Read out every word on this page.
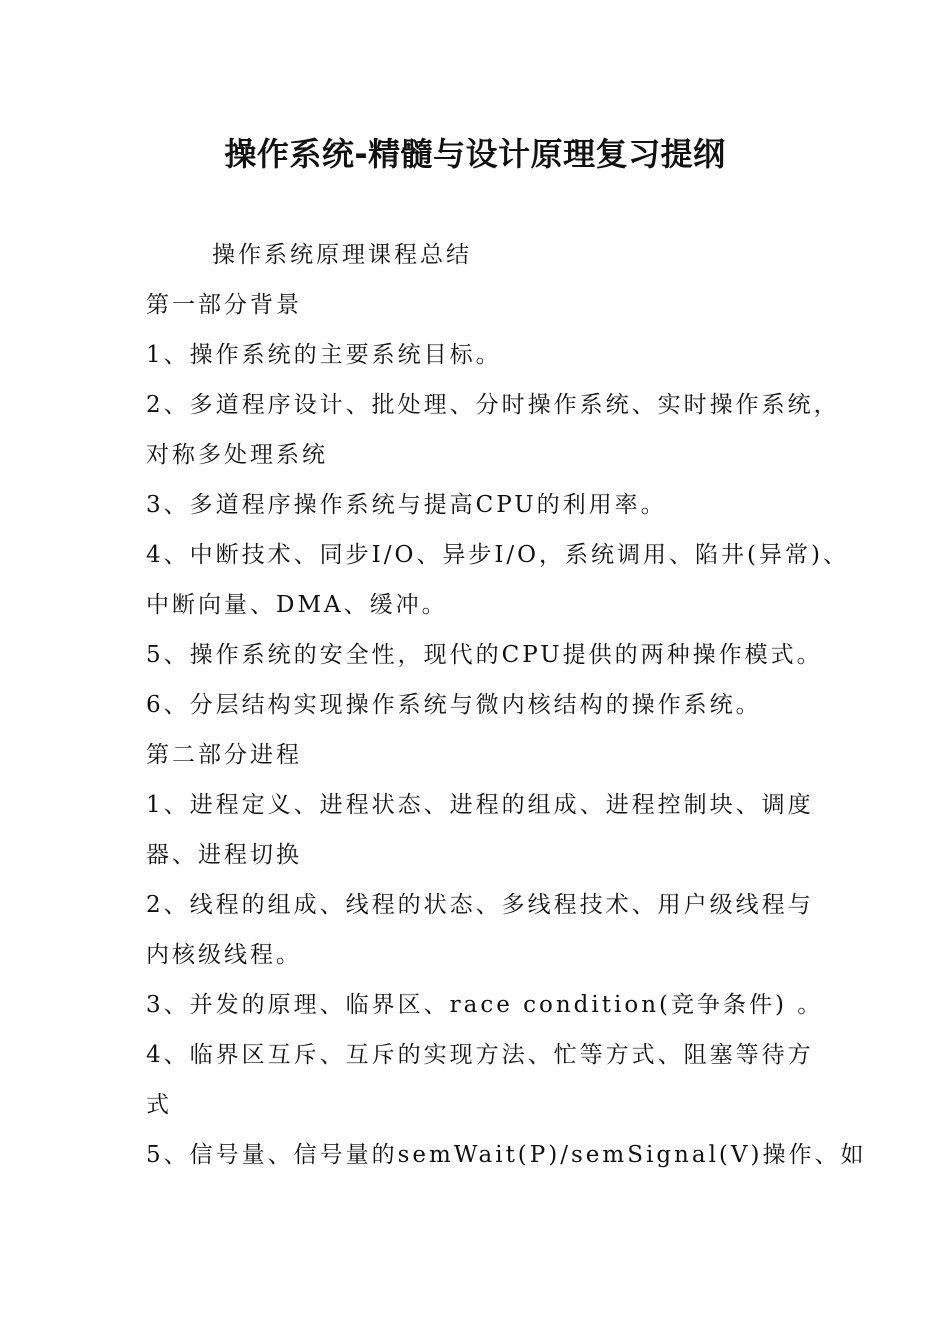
操作系统-精髓与设计原理复习提纲

操作系统原理课程总结

第一部分背景

1、操作系统的主要系统目标。

2、多道程序设计、批处理、分时操作系统、实时操作系统，

对称多处理系统

3、多道程序操作系统与提高CPU的利用率。

4、中断技术、同步I/O、异步I/O，系统调用、陷井(异常)、

中断向量、DMA、缓冲。

5、操作系统的安全性，现代的CPU提供的两种操作模式。

6、分层结构实现操作系统与微内核结构的操作系统。

第二部分进程

1、进程定义、进程状态、进程的组成、进程控制块、调度

器、进程切换

2、线程的组成、线程的状态、多线程技术、用户级线程与

内核级线程。

3、并发的原理、临界区、race condition(竞争条件) 。

4、临界区互斥、互斥的实现方法、忙等方式、阻塞等待方

式

5、信号量、信号量的semWait(P)/semSignal(V)操作、如
